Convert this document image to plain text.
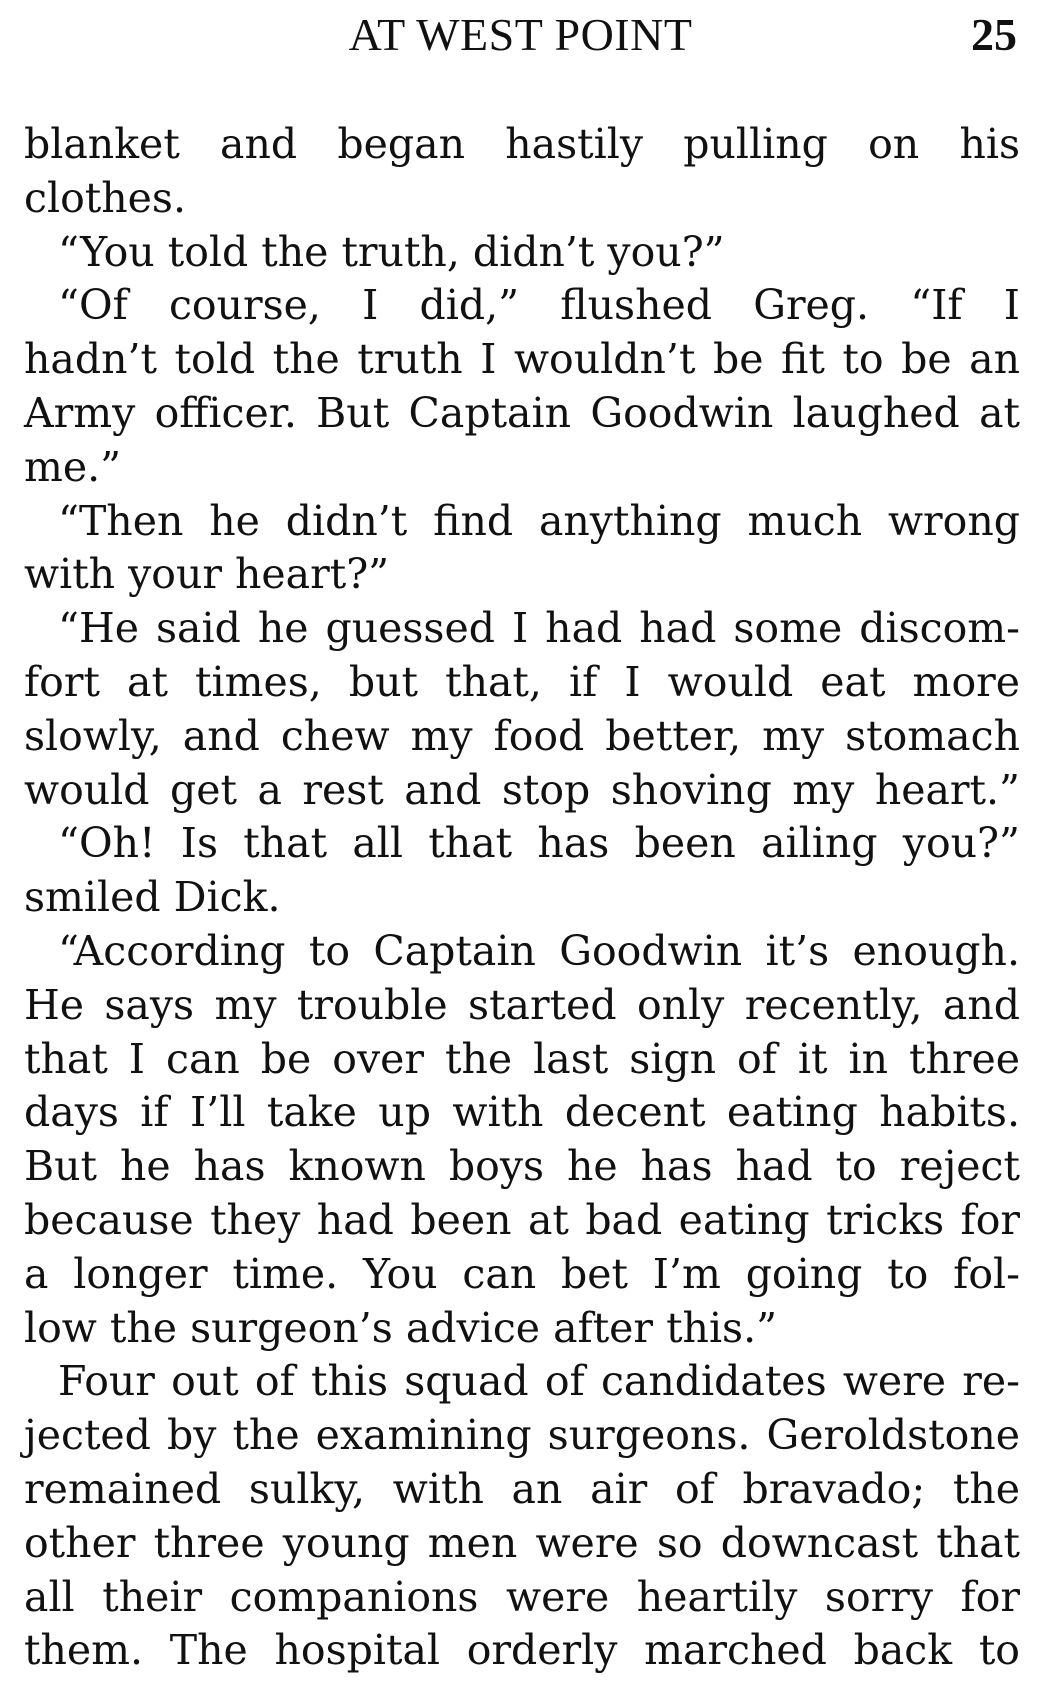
AT WEST POINT	25
blanket and began hastily pulling on his
clothes.
“You told the truth, didn’t you?”
“Of course, I did,” flushed Greg. “If I
hadn’t told the truth I wouldn’t be fit to be an
Army officer. But Captain Goodwin laughed at
me.”
“Then he didn’t find anything much wrong
with your heart?”
“He said he guessed I had had some discom-
fort at times, but that, if I would eat more
slowly, and chew my food better, my stomach
would get a rest and stop shoving my heart.”
“Oh! Is that all that has been ailing you?”
smiled Dick.
“According to Captain Goodwin it’s enough.
He says my trouble started only recently, and
that I can be over the last sign of it in three
days if I’ll take up with decent eating habits.
But he has known boys he has had to reject
because they had been at bad eating tricks for
a longer time. You can bet I’m going to fol-
low the surgeon’s advice after this.”
Four out of this squad of candidates were re-
jected by the examining surgeons. Geroldstone
remained sulky, with an air of bravado; the
other three young men were so downcast that
all their companions were heartily sorry for
them. The hospital orderly marched back to
